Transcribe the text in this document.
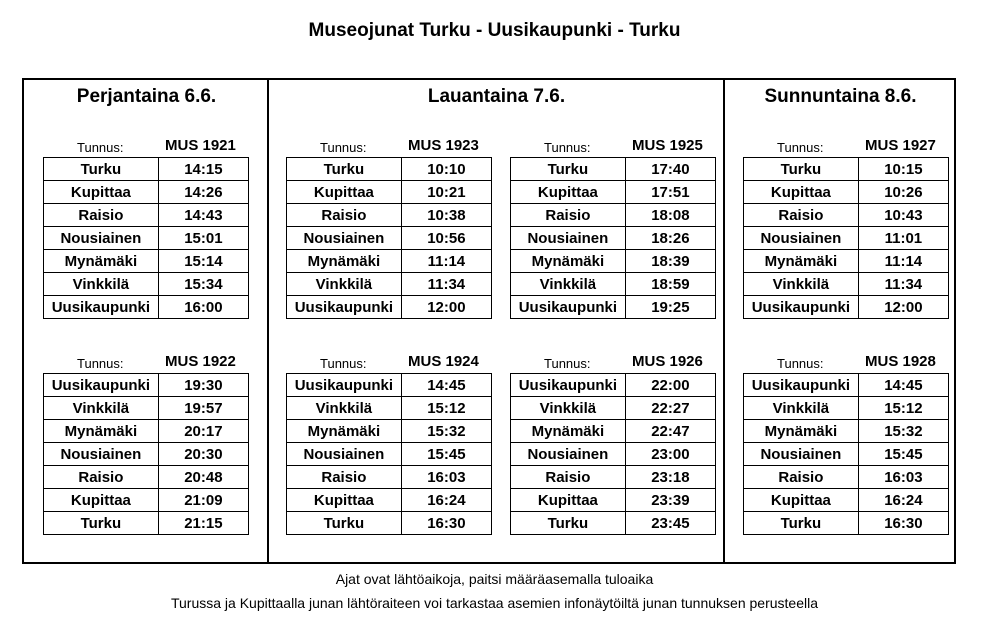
Museojunat Turku - Uusikaupunki - Turku
Perjantaina 6.6.	Lauantaina 7.6.	Sunnuntaina 8.6.
Tunnus:	MUS 1921
Turku	14:15
Kupittaa	14:26
Raisio	14:43
Nousiainen	15:01
Mynämäki	15:14
Vinkkilä	15:34
Uusikaupunki	16:00
Tunnus:	MUS 1922
Uusikaupunki	19:30
Vinkkilä	19:57
Mynämäki	20:17
Nousiainen	20:30
Raisio	20:48
Kupittaa	21:09
Turku	21:15
Tunnus:	MUS 1923
Turku	10:10
Kupittaa	10:21
Raisio	10:38
Nousiainen	10:56
Mynämäki	11:14
Vinkkilä	11:34
Uusikaupunki	12:00
Tunnus:	MUS 1924
Uusikaupunki	14:45
Vinkkilä	15:12
Mynämäki	15:32
Nousiainen	15:45
Raisio	16:03
Kupittaa	16:24
Turku	16:30
Tunnus:	MUS 1925
Turku	17:40
Kupittaa	17:51
Raisio	18:08
Nousiainen	18:26
Mynämäki	18:39
Vinkkilä	18:59
Uusikaupunki	19:25
Tunnus:	MUS 1926
Uusikaupunki	22:00
Vinkkilä	22:27
Mynämäki	22:47
Nousiainen	23:00
Raisio	23:18
Kupittaa	23:39
Turku	23:45
Tunnus:	MUS 1927
Turku	10:15
Kupittaa	10:26
Raisio	10:43
Nousiainen	11:01
Mynämäki	11:14
Vinkkilä	11:34
Uusikaupunki	12:00
Tunnus:	MUS 1928
Uusikaupunki	14:45
Vinkkilä	15:12
Mynämäki	15:32
Nousiainen	15:45
Raisio	16:03
Kupittaa	16:24
Turku	16:30
Ajat ovat lähtöaikoja, paitsi määräasemalla tuloaika
Turussa ja Kupittaalla junan lähtöraiteen voi tarkastaa asemien infonäytöiltä junan tunnuksen perusteella
